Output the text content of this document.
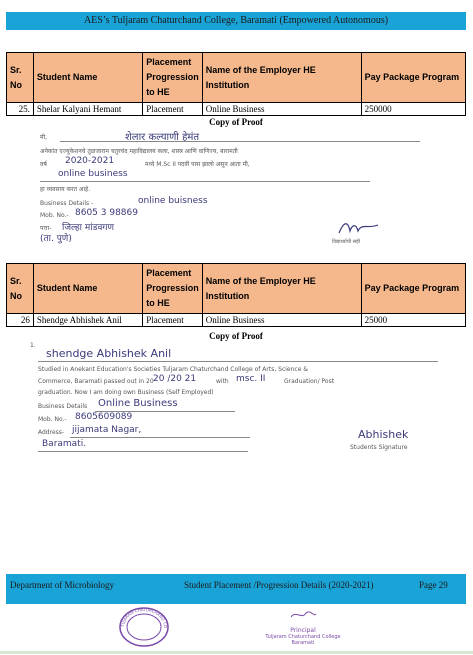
AES’s Tuljaram Chaturchand College, Baramati (Empowered Autonomous)
Sr. No	Student Name	Placement Progression to HE	Name of the Employer HE Institution	Pay Package Program
25.	Shelar Kalyani Hemant	Placement	Online Business	250000
Copy of Proof
मी,	शेलार कल्याणी हेमंत
अनेकांत एज्युकेशनचे तुळजाराम चतुरचंद महाविद्यालय कला, शास्त्र आणि वाणिज्य, बारामती
वर्ष 2020-2021	मध्ये M.Sc II पदवी पास झालो असून आता मी,
online business
हा व्यवसाय करत आहे.
Business Details -	online buisness
Mob. No.- 8605 3 98869
पत्ता- जिल्हा मांडवगण
(ता. पुणे)	विद्यार्थ्याची सही
Sr. No	Student Name	Placement Progression to HE	Name of the Employer HE Institution	Pay Package Program
26	Shendge Abhishek Anil	Placement	Online Business	25000
Copy of Proof
1.
shendge Abhishek Anil
Studied in Anekant Education's Societies Tuljaram Chaturchand College of Arts, Science &
Commerce, Baramati passed out in 20 20 /20 21	with msc. II	Graduation/ Post
graduation. Now I am doing own Business (Self Employed)
Business Details Online Business
Mob. No.- 8605609089
Address- jijamata Nagar,
Baramati.
Abhishek
Students Signature
Department of Microbiology	Student Placement /Progression Details (2020-2021)	Page 29
TUJARAM CHATURCHAND CO
Principal
Tuljaram Chaturchand College
Baramati
